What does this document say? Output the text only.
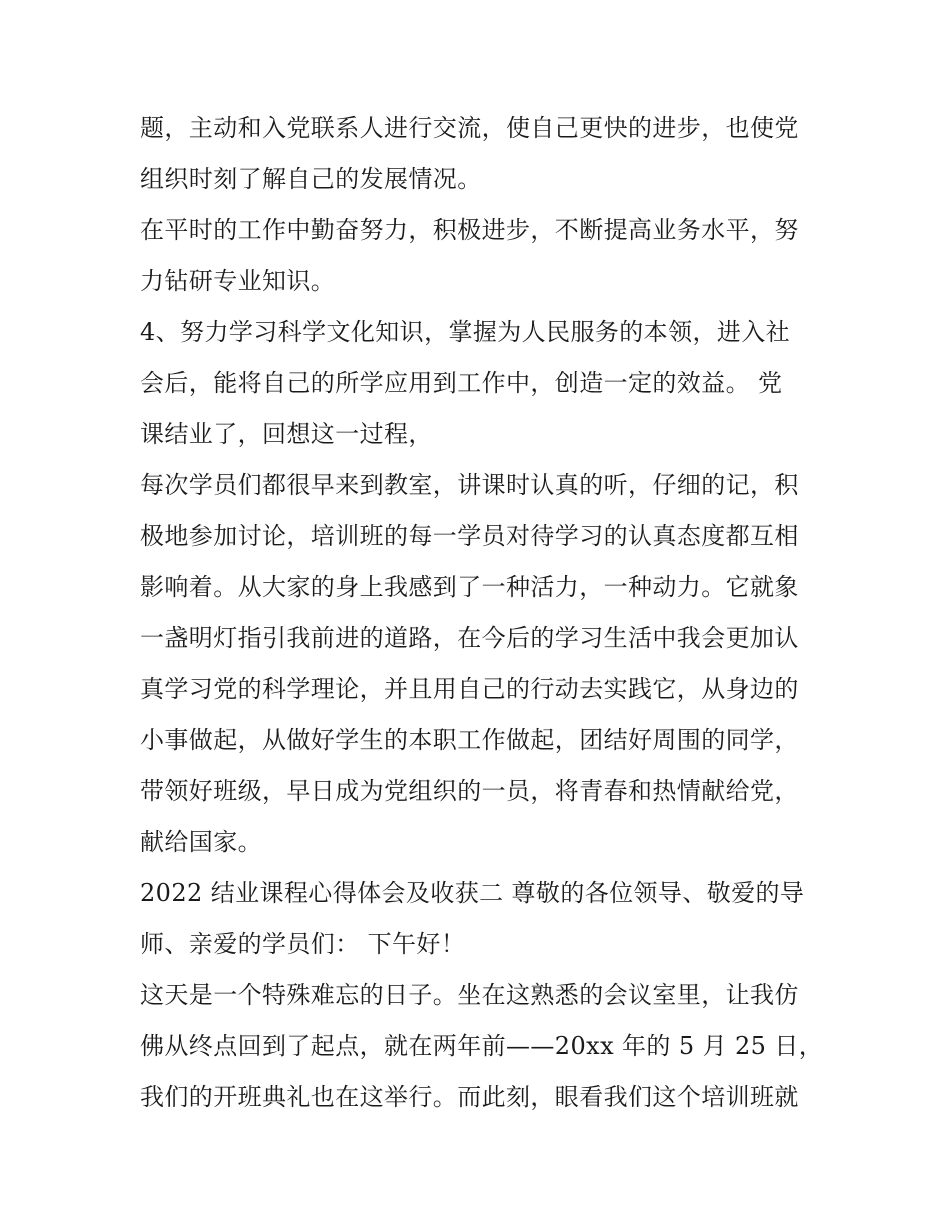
题，主动和入党联系人进行交流，使自己更快的进步，也使党
组织时刻了解自己的发展情况。
在平时的工作中勤奋努力，积极进步，不断提高业务水平，努
力钻研专业知识。
4、努力学习科学文化知识，掌握为人民服务的本领，进入社
会后，能将自己的所学应用到工作中，创造一定的效益。 党
课结业了，回想这一过程，
每次学员们都很早来到教室，讲课时认真的听，仔细的记，积
极地参加讨论，培训班的每一学员对待学习的认真态度都互相
影响着。从大家的身上我感到了一种活力，一种动力。它就象
一盏明灯指引我前进的道路，在今后的学习生活中我会更加认
真学习党的科学理论，并且用自己的行动去实践它，从身边的
小事做起，从做好学生的本职工作做起，团结好周围的同学，
带领好班级，早日成为党组织的一员，将青春和热情献给党，
献给国家。
2022 结业课程心得体会及收获二 尊敬的各位领导、敬爱的导
师、亲爱的学员们： 下午好！
这天是一个特殊难忘的日子。坐在这熟悉的会议室里，让我仿
佛从终点回到了起点，就在两年前——20xx 年的 5 月 25 日，
我们的开班典礼也在这举行。而此刻，眼看我们这个培训班就
